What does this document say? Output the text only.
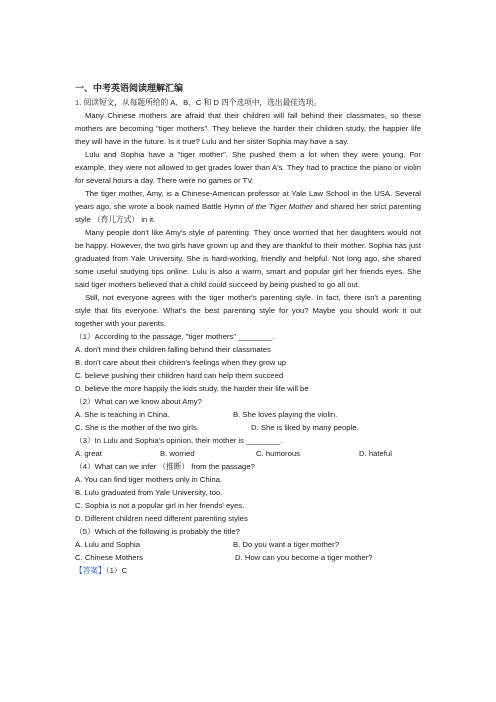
一、中考英语阅读理解汇编
1. 阅读短文，从每题所给的 A、B、C 和 D 四个选项中，选出最佳选项。
Many Chinese mothers are afraid that their children will fall behind their classmates, so these mothers are becoming "tiger mothers". They believe the harder their children study, the happier life they will have in the future. Is it true? Lulu and her sister Sophia may have a say.
Lulu and Sophia have a "tiger mother". She pushed them a lot when they were young. For example, they were not allowed to get grades lower than A's. They had to practice the piano or violin for several hours a day. There were no games or TV.
The tiger mother, Amy, is a Chinese-American professor at Yale Law School in the USA. Several years ago, she wrote a book named Battle Hymn of the Tiger Mother and shared her strict parenting style （育儿方式） in it.
Many people don't like Amy's style of parenting. They once worried that her daughters would not be happy. However, the two girls have grown up and they are thankful to their mother. Sophia has just graduated from Yale University. She is hard-working, friendly and helpful. Not long ago, she shared some useful studying tips online. Lulu is also a warm, smart and popular girl her friends eyes. She said tiger mothers believed that a child could succeed by being pushed to go all out.
Still, not everyone agrees with the tiger mother's parenting style. In fact, there isn't a parenting style that fits everyone. What's the best parenting style for you? Maybe you should work it out together with your parents.
（1）According to the passage, "tiger mothers" ________.
A. don't mind their children falling behind their classmates
B. don't care about their children's feelings when they grow up
C. believe pushing their children hard can help them succeed
D. believe the more happily the kids study, the harder their life will be
（2）What can we know about Amy?
A. She is teaching in China.	B. She loves playing the violin.
C. She is the mother of the two girls.	D. She is liked by many people.
（3）In Lulu and Sophia's opinion, their mother is ________.
A. great	B. worried	C. humorous	D. hateful
（4）What can we infer （推断） from the passage?
A. You can find tiger mothers only in China.
B. Lulu graduated from Yale University, too.
C. Sophia is not a popular girl in her friends' eyes.
D. Different children need different parenting styles
（5）Which of the following is probably the title?
A. Lulu and Sophia	B. Do you want a tiger mother?
C. Chinese Mothers	D. How can you become a tiger mother?
【答案】（1）C
